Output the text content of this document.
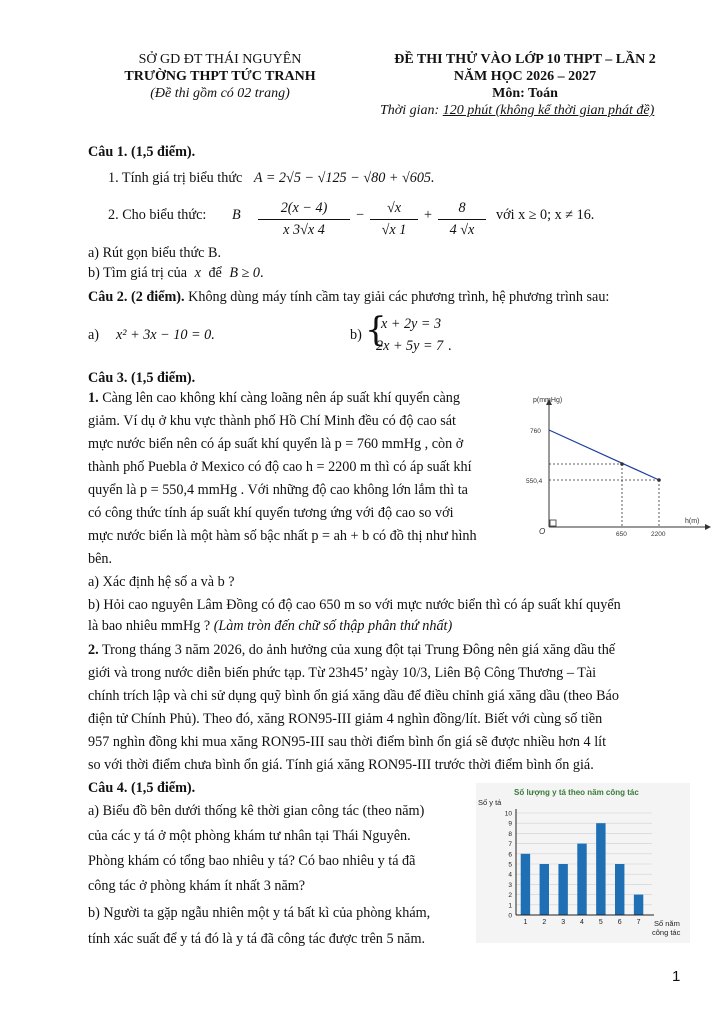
SỞ GD ĐT THÁI NGUYÊN
TRƯỜNG THPT TỨC TRANH
(Đề thi gồm có 02 trang)
ĐỀ THI THỬ VÀO LỚP 10 THPT – LẦN 2
NĂM HỌC 2026 – 2027
Môn: Toán
Thời gian: 120 phút (không kể thời gian phát đề)
Câu 1. (1,5 điểm).
1. Tính giá trị biểu thức A = 2√5 − √125 − √80 + √605.
2. Cho biểu thức: B	2(x − 4)
x 3√x 4
−	√x
√x 1
+	8
4 √x
với x ≥ 0; x ≠ 16.
a) Rút gọn biểu thức B.
b) Tìm giá trị của x để B ≥ 0.
Câu 2. (2 điểm). Không dùng máy tính cầm tay giải các phương trình, hệ phương trình sau:
a) x² + 3x − 10 = 0.	b) {
x + 2y = 3
2x + 5y = 7 .
Câu 3. (1,5 điểm).
1. Càng lên cao không khí càng loãng nên áp suất khí quyển càng
giảm. Ví dụ ở khu vực thành phố Hồ Chí Minh đều có độ cao sát
mực nước biển nên có áp suất khí quyển là p = 760 mmHg , còn ở
thành phố Puebla ở Mexico có độ cao h = 2200 m thì có áp suất khí
quyển là p = 550,4 mmHg . Với những độ cao không lớn lắm thì ta
có công thức tính áp suất khí quyển tương ứng với độ cao so với
mực nước biển là một hàm số bậc nhất p = ah + b có đồ thị như hình
bên.
p(mmHg)
h(m)
O
760
550,4
650	2200
a) Xác định hệ số a và b ?
b) Hỏi cao nguyên Lâm Đồng có độ cao 650 m so với mực nước biển thì có áp suất khí quyển
là bao nhiêu mmHg ? (Làm tròn đến chữ số thập phân thứ nhất)
2. Trong tháng 3 năm 2026, do ảnh hưởng của xung đột tại Trung Đông nên giá xăng dầu thế
giới và trong nước diễn biến phức tạp. Từ 23h45’ ngày 10/3, Liên Bộ Công Thương – Tài
chính trích lập và chi sử dụng quỹ bình ổn giá xăng dầu để điều chỉnh giá xăng dầu (theo Báo
điện tử Chính Phủ). Theo đó, xăng RON95-III giảm 4 nghìn đồng/lít. Biết với cùng số tiền
957 nghìn đồng khi mua xăng RON95-III sau thời điểm bình ổn giá sẽ được nhiều hơn 4 lít
so với thời điểm chưa bình ổn giá. Tính giá xăng RON95-III trước thời điểm bình ổn giá.
Câu 4. (1,5 điểm).
a) Biểu đồ bên dưới thống kê thời gian công tác (theo năm)
của các y tá ở một phòng khám tư nhân tại Thái Nguyên.
Phòng khám có tổng bao nhiêu y tá? Có bao nhiêu y tá đã
công tác ở phòng khám ít nhất 3 năm?
b) Người ta gặp ngẫu nhiên một y tá bất kì của phòng khám,
tính xác suất để y tá đó là y tá đã công tác được trên 5 năm.
Số lượng y tá theo năm công tác
Số y tá
0
1
2
3
4
5
6
7
8
9
10
1 2 3 4 5 6 7 Số năm
công tác
1
